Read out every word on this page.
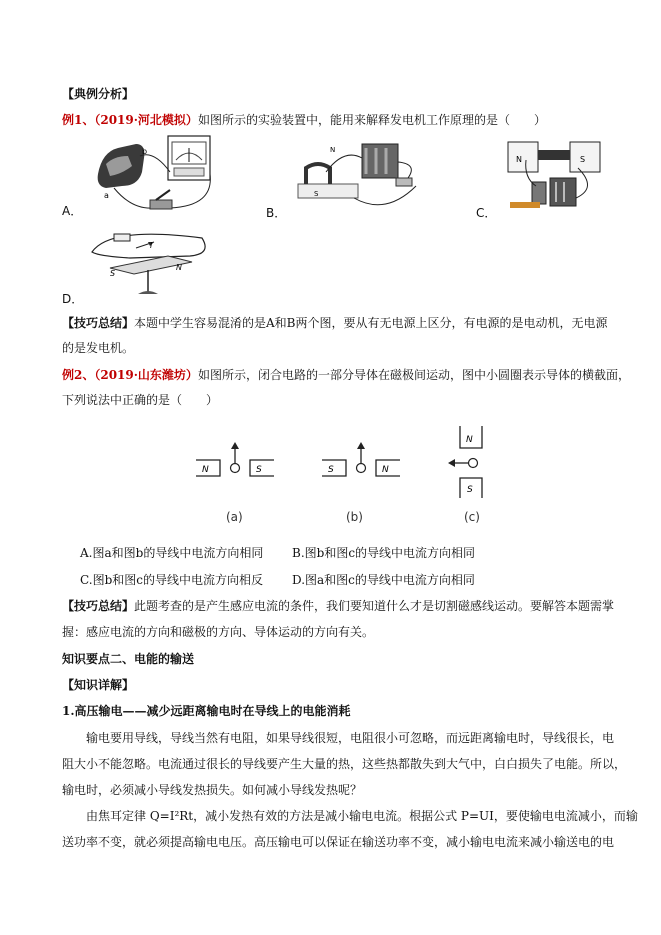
【典例分析】
例1、（2019·河北模拟）如图所示的实验装置中，能用来解释发电机工作原理的是（　　）
b
a
A．
N
S
B．
N	S
C．
I
S
N
D．
【技巧总结】本题中学生容易混淆的是A和B两个图，要从有无电源上区分，有电源的是电动机，无电源
的是发电机。
例2、（2019·山东潍坊）如图所示，闭合电路的一部分导体在磁极间运动，图中小圆圈表示导体的横截面，
下列说法中正确的是（　　）
N	S
(a)
S	N
(b)
N
S
(c)
A.图a和图b的导线中电流方向相同 B.图b和图c的导线中电流方向相同
C.图b和图c的导线中电流方向相反 D.图a和图c的导线中电流方向相同
【技巧总结】此题考查的是产生感应电流的条件，我们要知道什么才是切割磁感线运动。要解答本题需掌
握：感应电流的方向和磁极的方向、导体运动的方向有关。
知识要点二、电能的输送
【知识详解】
1.高压输电——减少远距离输电时在导线上的电能消耗
输电要用导线，导线当然有电阻，如果导线很短，电阻很小可忽略，而远距离输电时，导线很长，电
阻大小不能忽略。电流通过很长的导线要产生大量的热，这些热都散失到大气中，白白损失了电能。所以，
输电时，必须减小导线发热损失。如何减小导线发热呢？
由焦耳定律 Q=I²Rt，减小发热有效的方法是减小输电电流。根据公式 P=UI，要使输电电流减小，而输
送功率不变，就必须提高输电电压。高压输电可以保证在输送功率不变，减小输电电流来减小输送电的电
